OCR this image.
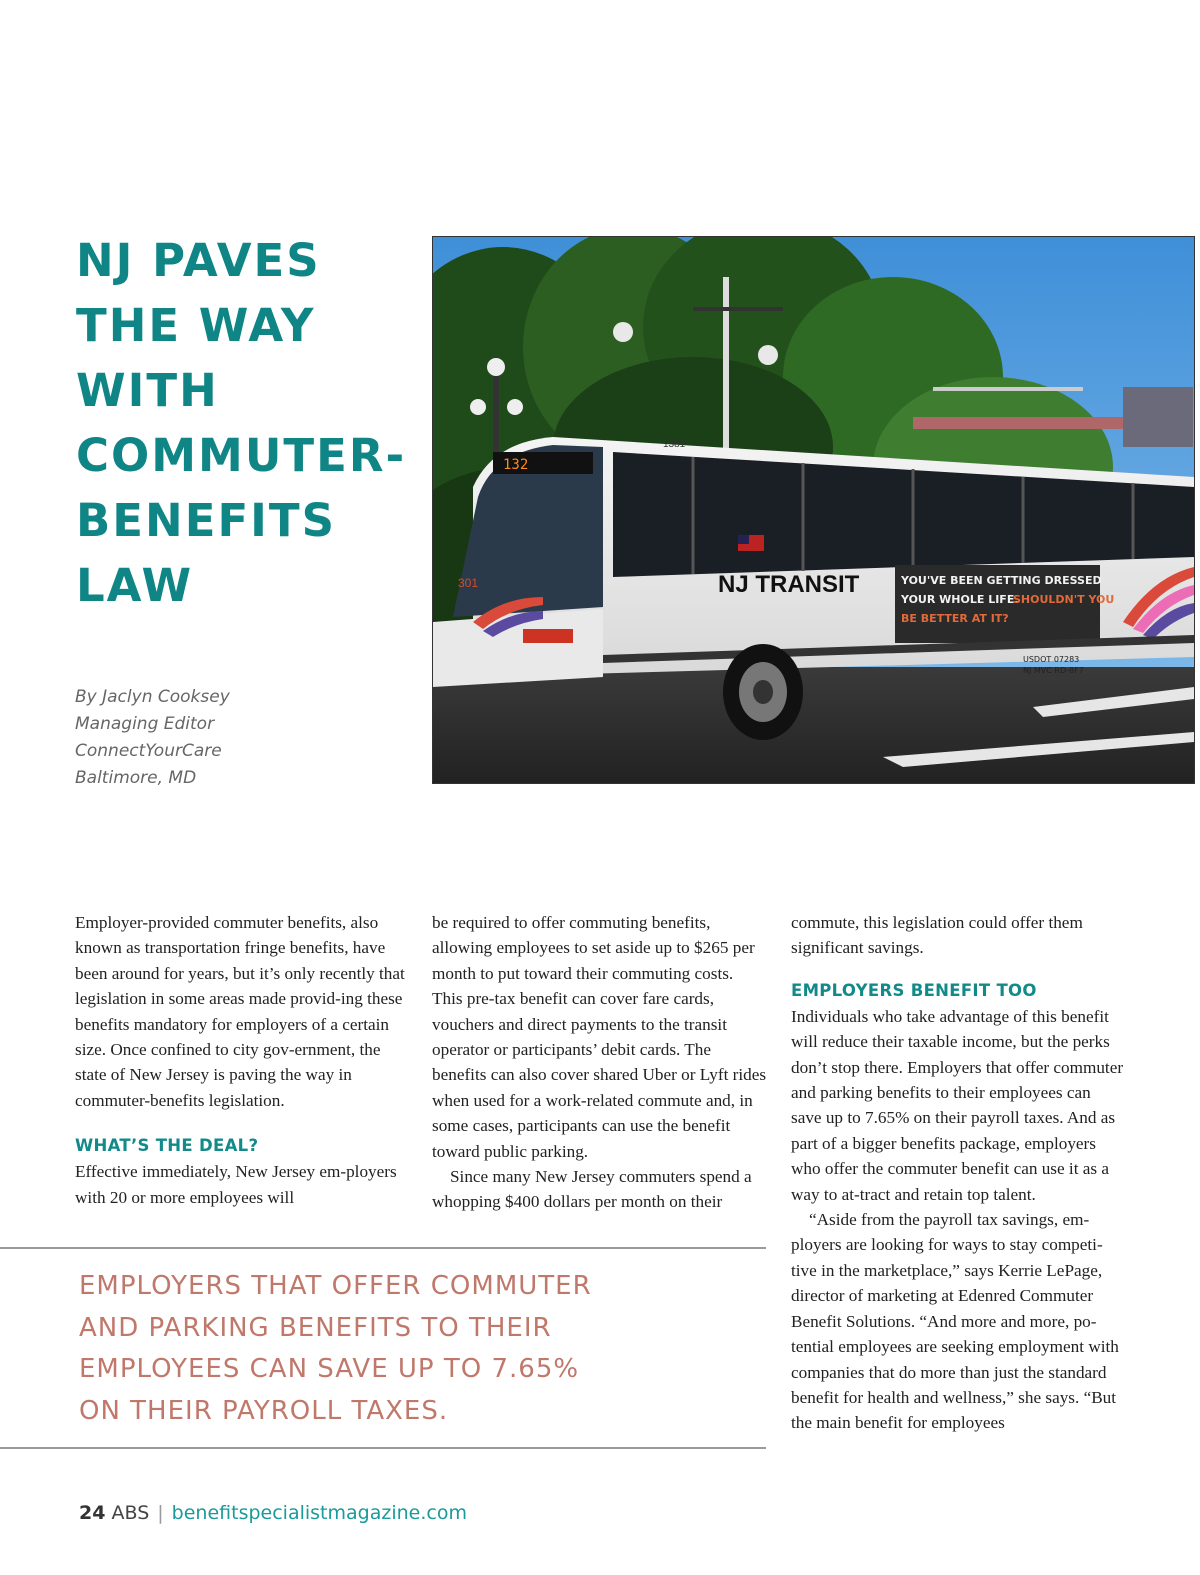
NJ PAVES
THE WAY
WITH
COMMUTER-
BENEFITS
LAW
By Jaclyn Cooksey
Managing Editor
ConnectYourCare
Baltimore, MD
132
1381
301	NJ TRANSIT	YOU'VE BEEN GETTING DRESSED
YOUR WHOLE LIFE.
SHOULDN'T YOU
BE BETTER AT IT?
USDOT 07283
NJ MVC RD-8F7

Employer-provided commuter benefits, also known as transportation fringe benefits, have been around for years, but it’s only recently that legislation in some areas made provid-ing these benefits mandatory for employers of a certain size. Once confined to city gov-ernment, the state of New Jersey is paving the way in commuter-benefits legislation.

WHAT’S THE DEAL?

Effective immediately, New Jersey em-ployers with 20 or more employees will

be required to offer commuting benefits, allowing employees to set aside up to $265 per month to put toward their commuting costs. This pre-tax benefit can cover fare cards, vouchers and direct payments to the transit operator or participants’ debit cards. The benefits can also cover shared Uber or Lyft rides when used for a work-related commute and, in some cases, participants can use the benefit toward public parking.

Since many New Jersey commuters spend a whopping $400 dollars per month on their

commute, this legislation could offer them significant savings.

EMPLOYERS BENEFIT TOO

Individuals who take advantage of this benefit will reduce their taxable income, but the perks don’t stop there. Employers that offer commuter and parking benefits to their employees can save up to 7.65% on their payroll taxes. And as part of a bigger benefits package, employers who offer the commuter benefit can use it as a way to at-tract and retain top talent.

“Aside from the payroll tax savings, em-ployers are looking for ways to stay competi-tive in the marketplace,” says Kerrie LePage, director of marketing at Edenred Commuter Benefit Solutions. “And more and more, po-tential employees are seeking employment with companies that do more than just the standard benefit for health and wellness,” she says. “But the main benefit for employees

EMPLOYERS THAT OFFER COMMUTER
AND PARKING BENEFITS TO THEIR
EMPLOYEES CAN SAVE UP TO 7.65%
ON THEIR PAYROLL TAXES.
24 ABS | benefitspecialistmagazine.com
